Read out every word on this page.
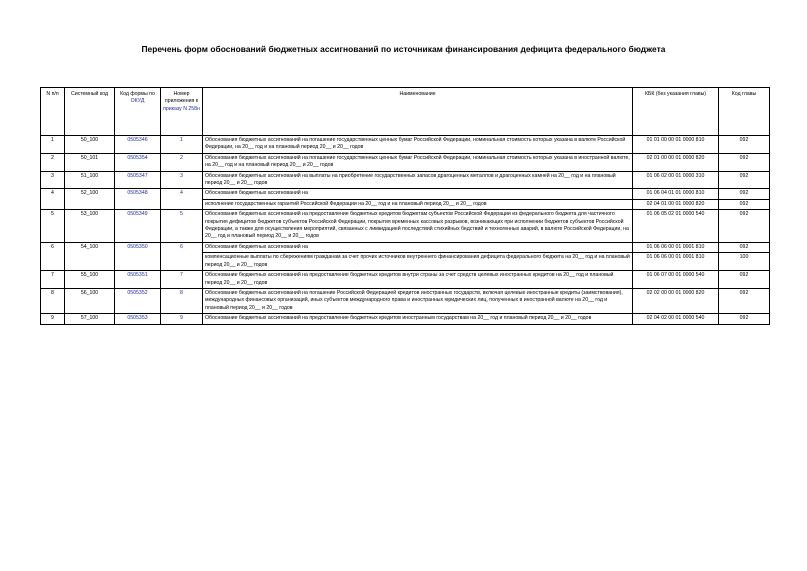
Перечень форм обоснований бюджетных ассигнований по источникам финансирования дефицита федерального бюджета
N п/п	Системный код	Код формы по ОКУД	Номер приложения к приказу N 258н	Наименование	КБК (без указания главы)	Код главы
1	50_100	0505346	1	Обоснования бюджетных ассигнований на погашение государственных ценных бумаг Российской Федерации, номинальная стоимость которых указана в валюте Российской Федерации, на 20__ год и на плановый период 20__ и 20__ годов	01 01 00 00 01 0000 810	092
2	50_101	0505354	2	Обоснования бюджетных ассигнований на погашение государственных ценных бумаг Российской Федерации, номинальная стоимость которых указана в иностранной валюте, на 20__ год и на плановый период 20__ и 20__ годов	02 01 00 00 01 0000 820	092
3	51_100	0505347	3	Обоснования бюджетных ассигнований на выплаты на приобретение государственных запасов драгоценных металлов и драгоценных камней на 20__ год и на плановый период 20__ и 20__ годов	01 06 02 00 01 0000 310	092
4	52_100	0505348	4	Обоснования бюджетных ассигнований на	01 06 04 01 01 0000 810	092
				исполнение государственных гарантий Российской Федерации на 20__ год и на плановый период 20__ и 20__ годов	02 04 01 00 01 0000 820	092
5	53_100	0505349	5	Обоснования бюджетных ассигнований на предоставление бюджетных кредитов бюджетам субъектов Российской Федерации из федерального бюджета для частичного покрытия дефицитов бюджетов субъектов Российской Федерации, покрытия временных кассовых разрывов, возникающих при исполнении бюджетов субъектов Российской Федерации, а также для осуществления мероприятий, связанных с ликвидацией последствий стихийных бедствий и техногенных аварий, в валюте Российской Федерации, на 20__ год и плановый период 20__ и 20__ годов	01 06 05 02 01 0000 540	092
6	54_100	0505350	6	Обоснования бюджетных ассигнований на	01 06 06 00 01 0001 810	092
				компенсационные выплаты по сбережениям гражданам за счет прочих источников внутреннего финансирования дефицита федерального бюджета на 20__ год и на плановый период 20__ и 20__ годов	01 06 06 00 01 0001 810	100
7	55_100	0505351	7	Обоснование бюджетных ассигнований на предоставление бюджетных кредитов внутри страны за счет средств целевых иностранных кредитов на 20__ год и плановый период 20__ и 20__ годов	01 06 07 00 01 0000 540	092
8	56_100	0505352	8	Обоснование бюджетных ассигнований на погашение Российской Федерацией кредитов иностранных государств, включая целевые иностранные кредиты (заимствования), международных финансовых организаций, иных субъектов международного права и иностранных юридических лиц, полученных в иностранной валюте на 20__ год и плановый период 20__ и 20__ годов	02 02 00 00 01 0000 820	092
9	57_100	0505353	9	Обоснование бюджетных ассигнований на предоставление бюджетных кредитов иностранным государствам на 20__ год и плановый период 20__ и 20__ годов	02 04 02 00 01 0000 540	092
